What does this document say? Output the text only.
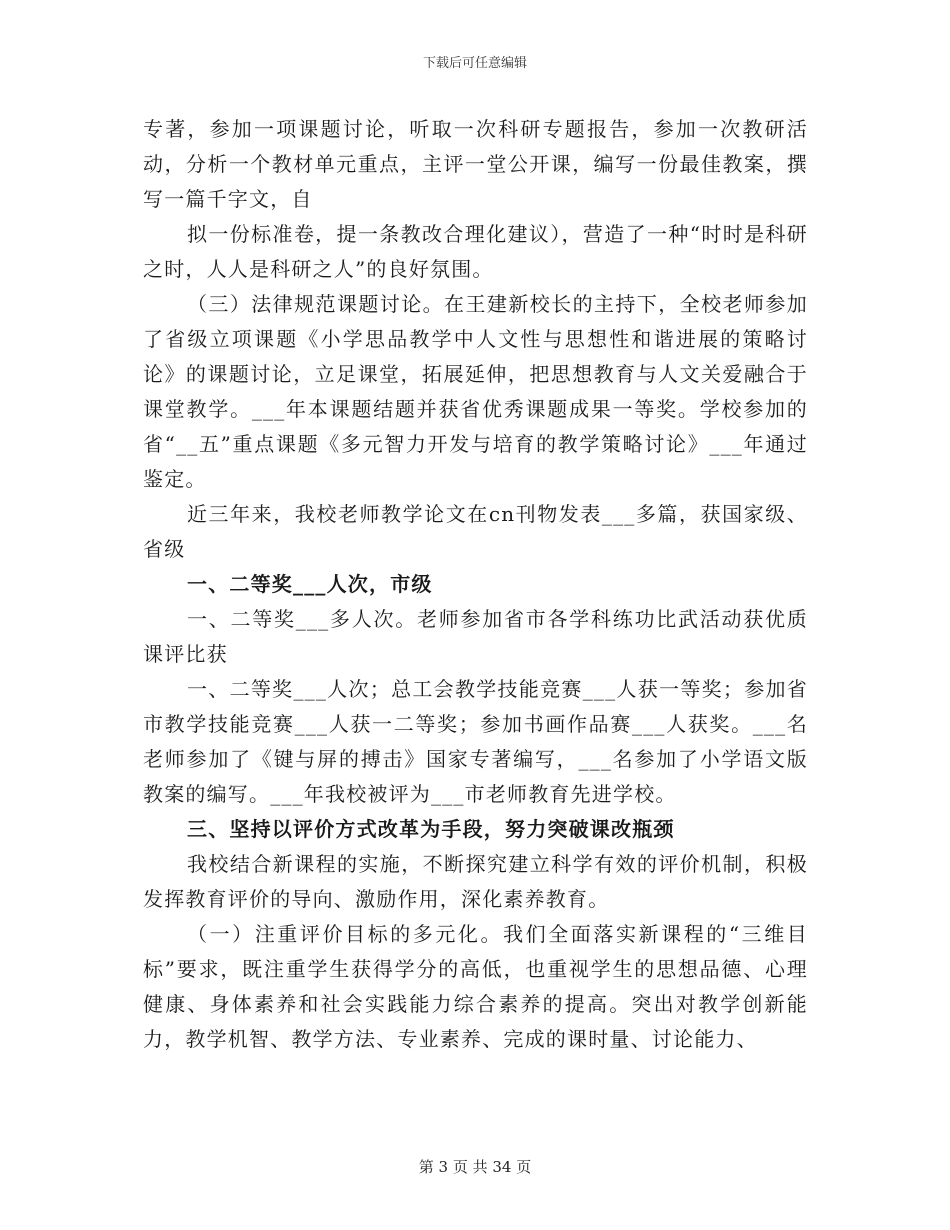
下载后可任意编辑

专著，参加一项课题讨论，听取一次科研专题报告，参加一次教研活动，分析一个教材单元重点，主评一堂公开课，编写一份最佳教案，撰写一篇千字文，自

拟一份标准卷，提一条教改合理化建议），营造了一种“时时是科研之时，人人是科研之人”的良好氛围。

（三）法律规范课题讨论。在王建新校长的主持下，全校老师参加了省级立项课题《小学思品教学中人文性与思想性和谐进展的策略讨论》的课题讨论，立足课堂，拓展延伸，把思想教育与人文关爱融合于课堂教学。___年本课题结题并获省优秀课题成果一等奖。学校参加的省“__五”重点课题《多元智力开发与培育的教学策略讨论》___年通过鉴定。

近三年来，我校老师教学论文在cn刊物发表___多篇，获国家级、省级

一、二等奖___人次，市级

一、二等奖___多人次。老师参加省市各学科练功比武活动获优质课评比获

一、二等奖___人次；总工会教学技能竞赛___人获一等奖；参加省市教学技能竞赛___人获一二等奖；参加书画作品赛___人获奖。___名老师参加了《键与屏的搏击》国家专著编写，___名参加了小学语文版教案的编写。___年我校被评为___市老师教育先进学校。

三、坚持以评价方式改革为手段，努力突破课改瓶颈

我校结合新课程的实施，不断探究建立科学有效的评价机制，积极发挥教育评价的导向、激励作用，深化素养教育。

（一）注重评价目标的多元化。我们全面落实新课程的“三维目标”要求，既注重学生获得学分的高低，也重视学生的思想品德、心理健康、身体素养和社会实践能力综合素养的提高。突出对教学创新能力，教学机智、教学方法、专业素养、完成的课时量、讨论能力、

第 3 页 共 34 页
